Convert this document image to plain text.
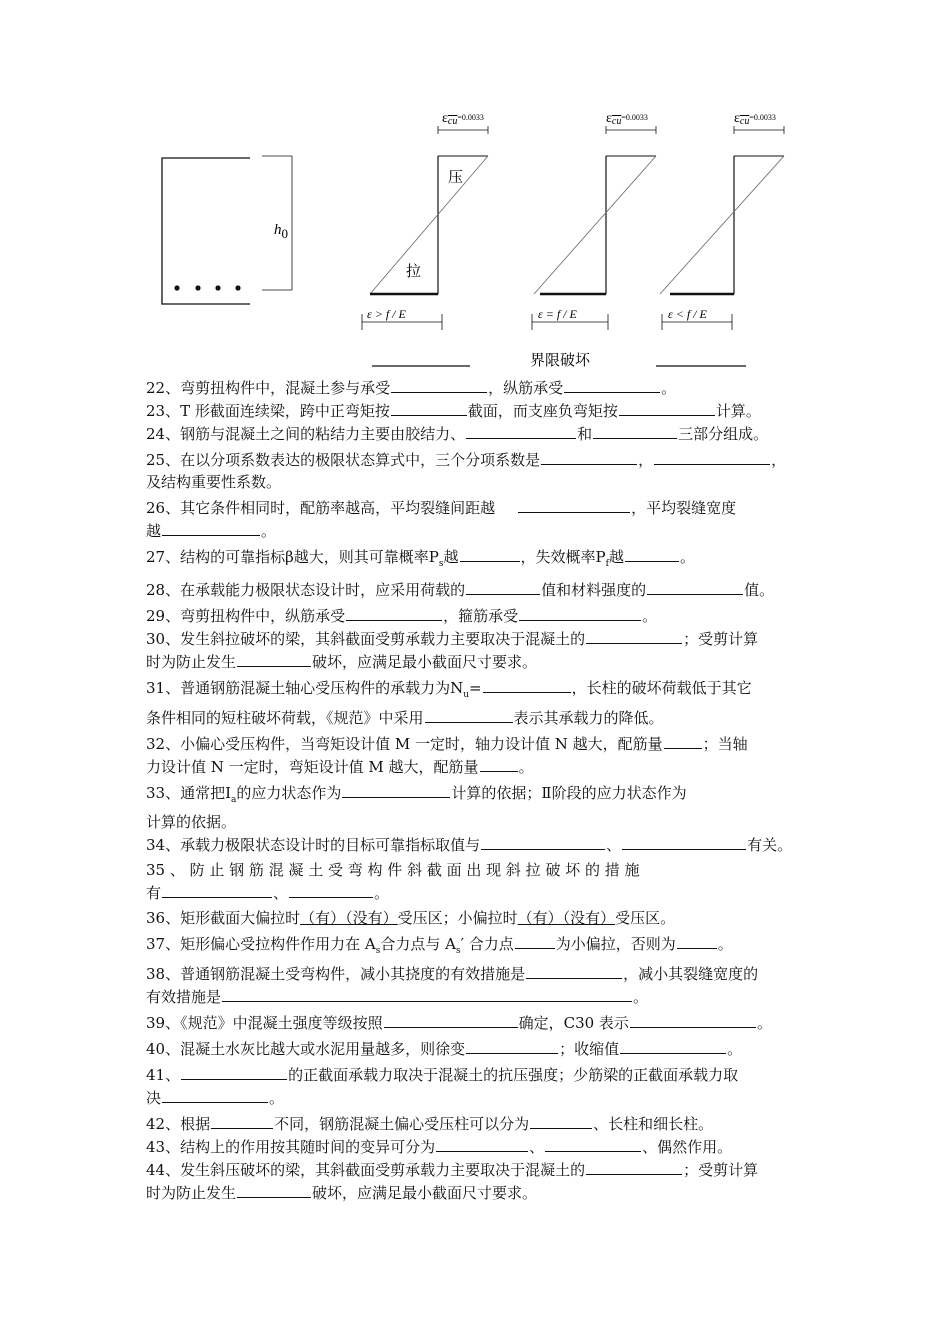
h0
εcu$^{=0.0033}$
压
拉
ε > f / E
εcu$^{=0.0033}$
ε = f / E
εcu$^{=0.0033}$
ε < f / E
界限破坏

22、弯剪扭构件中，混凝土参与承受	，纵筋承受	。

23、T 形截面连续梁，跨中正弯矩按	截面，而支座负弯矩按	计算。

24、钢筋与混凝土之间的粘结力主要由胶结力、	和	三部分组成。

25、在以分项系数表达的极限状态算式中，三个分项系数是	，	，
及结构重要性系数。

26、其它条件相同时，配筋率越高，平均裂缝间距越	，平均裂缝宽度
越	。

27、结构的可靠指标β越大，则其可靠概率$P_s$越	，失效概率$P_f$越	。

28、在承载能力极限状态设计时，应采用荷载的	值和材料强度的	值。

29、弯剪扭构件中，纵筋承受	，箍筋承受	。

30、发生斜拉破坏的梁，其斜截面受剪承载力主要取决于混凝土的	；受剪计算
时为防止发生	破坏，应满足最小截面尺寸要求。

31、普通钢筋混凝土轴心受压构件的承载力为$N_u=$	，长柱的破坏荷载低于其它
条件相同的短柱破坏荷载，《规范》中采用	表示其承载力的降低。

32、小偏心受压构件，当弯矩设计值 M 一定时，轴力设计值 N 越大，配筋量	；当轴
力设计值 N 一定时，弯矩设计值 M 越大，配筋量	。

33、通常把$Ⅰ_a$的应力状态作为	计算的依据；Ⅱ阶段的应力状态作为
计算的依据。

34、承载力极限状态设计时的目标可靠指标取值与	、	有关。

35 、 防 止 钢 筋 混 凝 土 受 弯 构 件 斜 截 面 出 现 斜 拉 破 坏 的 措 施
有	、	。

36、矩形截面大偏拉时（有）（没有）受压区；小偏拉时（有）（没有）受压区。

37、矩形偏心受拉构件作用力在 $A_s$合力点与 $A_s'$ 合力点	为小偏拉，否则为	。

38、普通钢筋混凝土受弯构件，减小其挠度的有效措施是	，减小其裂缝宽度的
有效措施是	。

39、《规范》中混凝土强度等级按照	确定，C30 表示	。

40、混凝土水灰比越大或水泥用量越多，则徐变	；收缩值	。

41、	的正截面承载力取决于混凝土的抗压强度；少筋梁的正截面承载力取
决	。

42、根据	不同，钢筋混凝土偏心受压柱可以分为	、长柱和细长柱。

43、结构上的作用按其随时间的变异可分为	、	、偶然作用。

44、发生斜压破坏的梁，其斜截面受剪承载力主要取决于混凝土的	；受剪计算
时为防止发生	破坏，应满足最小截面尺寸要求。
